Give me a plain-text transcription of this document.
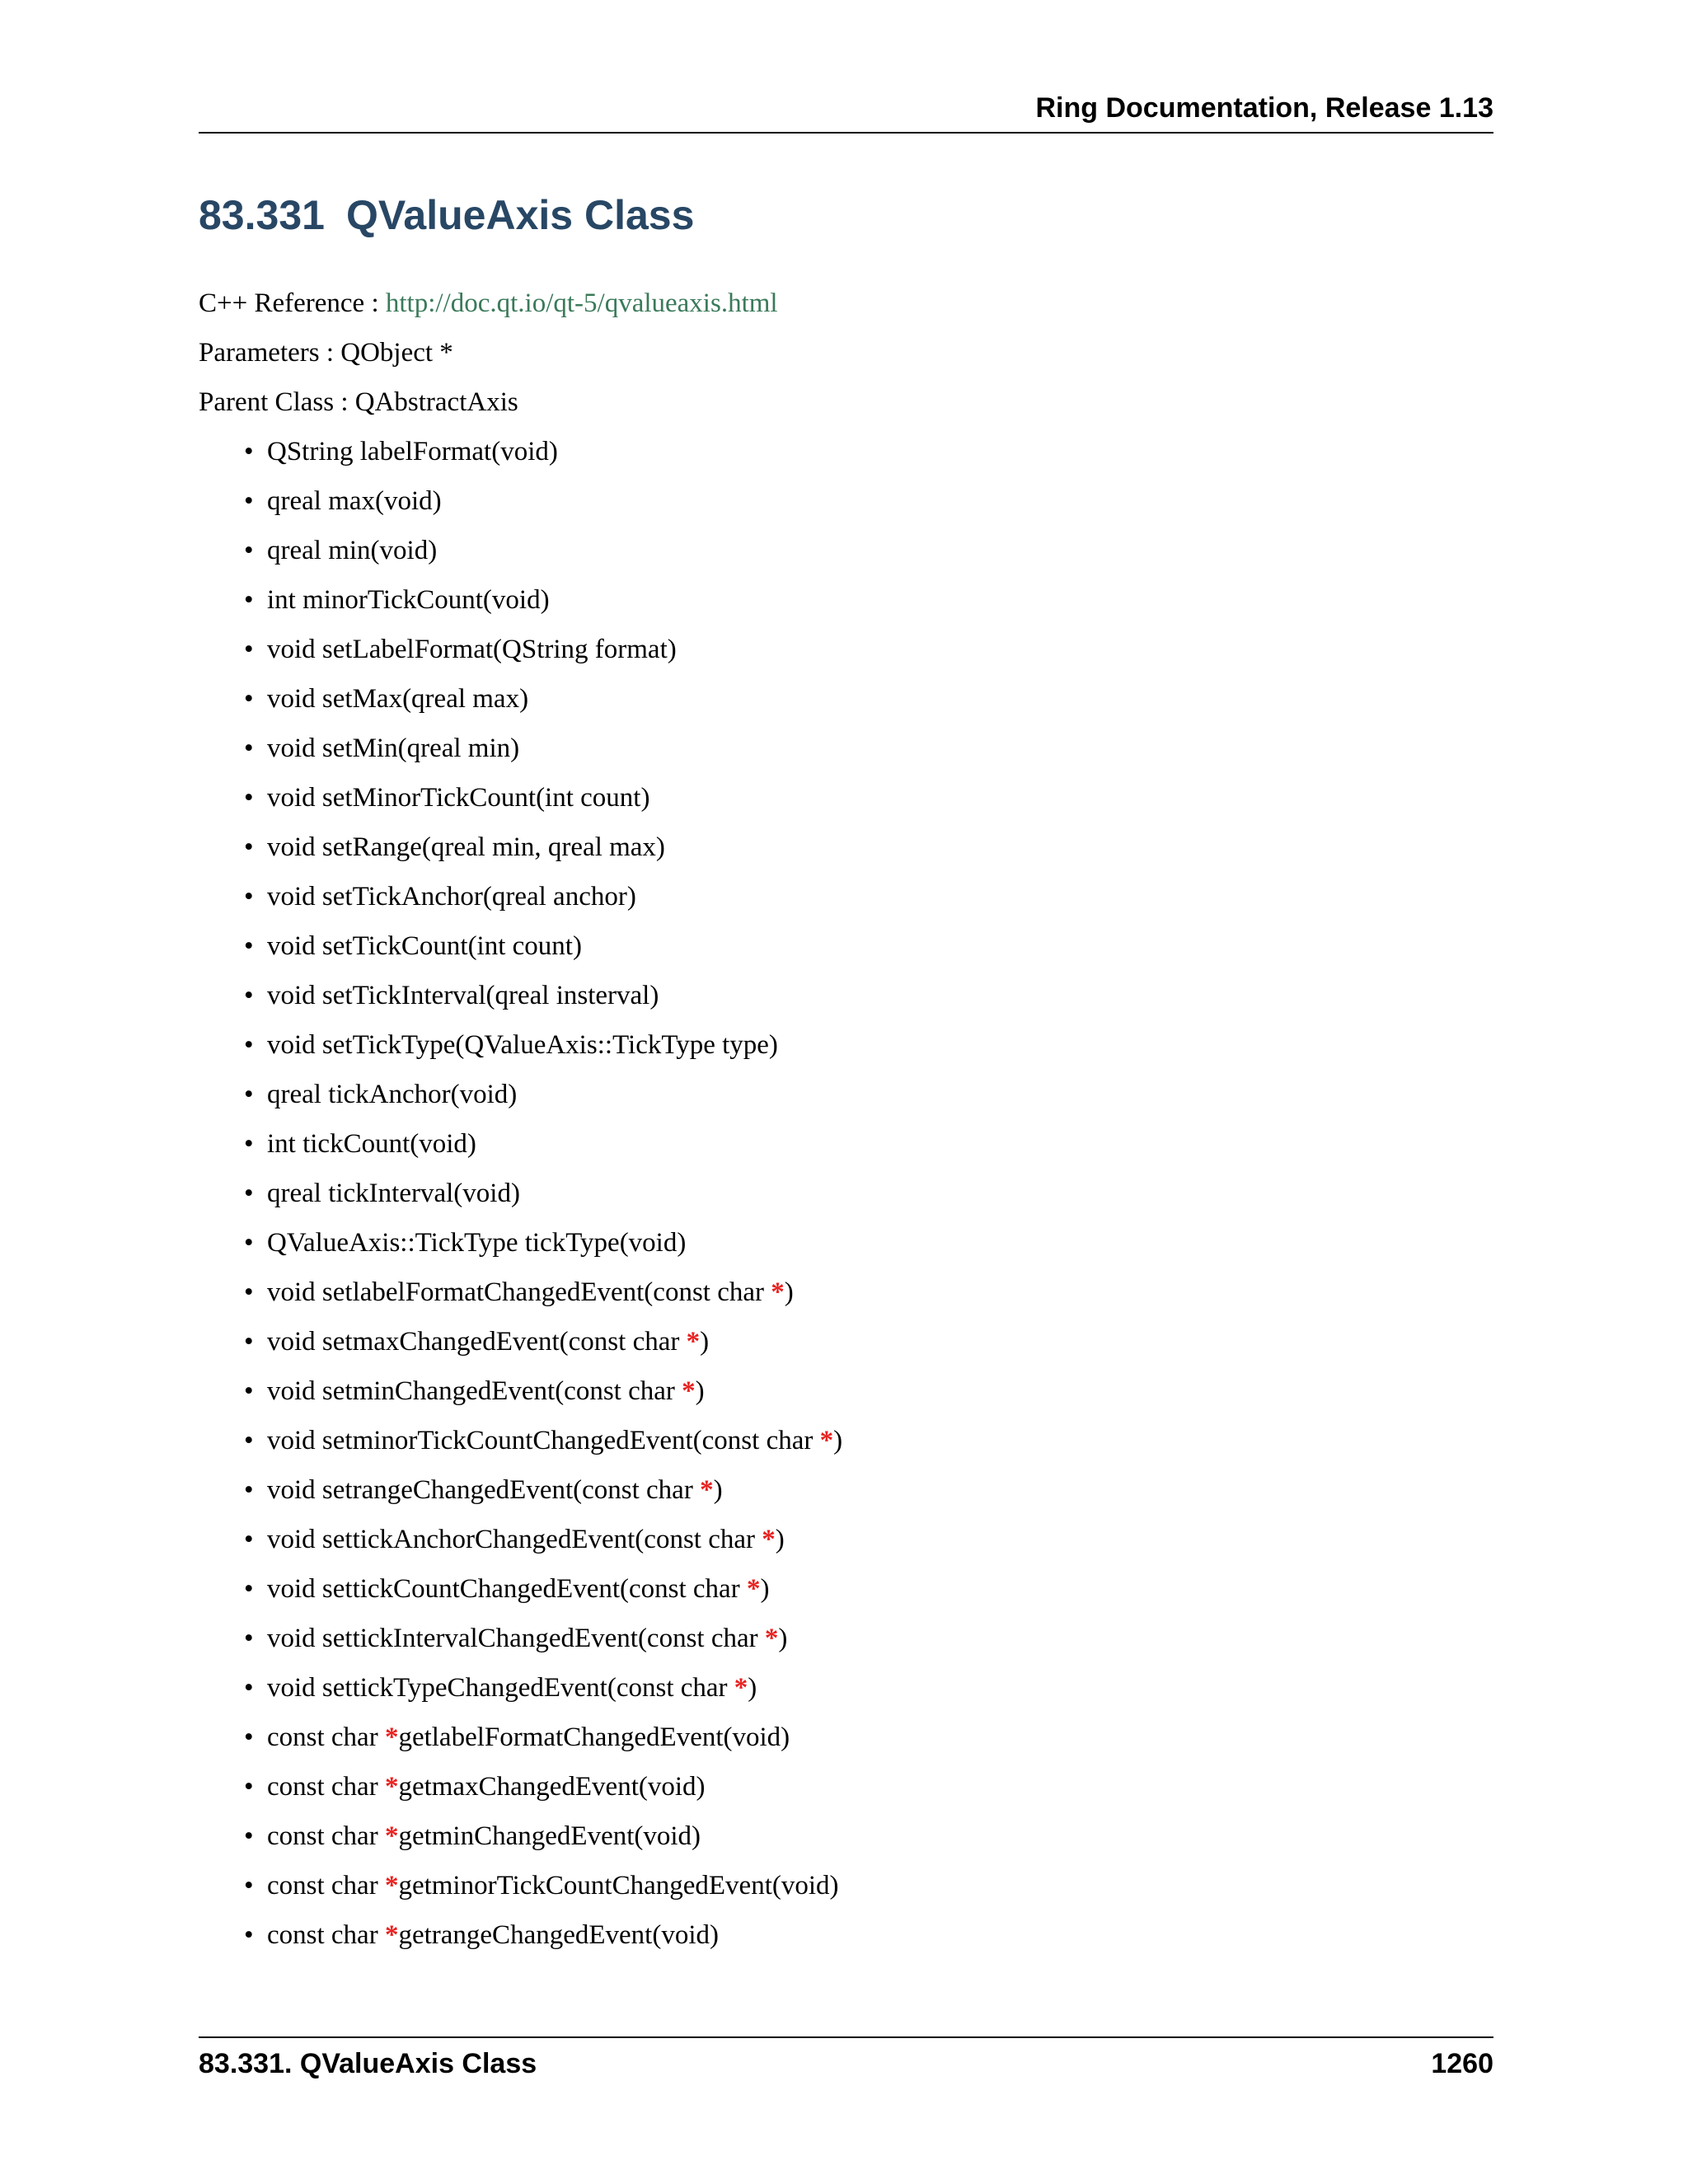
Ring Documentation, Release 1.13
83.331 QValueAxis Class
C++ Reference : http://doc.qt.io/qt-5/qvalueaxis.html
Parameters : QObject *
Parent Class : QAbstractAxis
• QString labelFormat(void)
• qreal max(void)
• qreal min(void)
• int minorTickCount(void)
• void setLabelFormat(QString format)
• void setMax(qreal max)
• void setMin(qreal min)
• void setMinorTickCount(int count)
• void setRange(qreal min, qreal max)
• void setTickAnchor(qreal anchor)
• void setTickCount(int count)
• void setTickInterval(qreal insterval)
• void setTickType(QValueAxis::TickType type)
• qreal tickAnchor(void)
• int tickCount(void)
• qreal tickInterval(void)
• QValueAxis::TickType tickType(void)
• void setlabelFormatChangedEvent(const char *)
• void setmaxChangedEvent(const char *)
• void setminChangedEvent(const char *)
• void setminorTickCountChangedEvent(const char *)
• void setrangeChangedEvent(const char *)
• void settickAnchorChangedEvent(const char *)
• void settickCountChangedEvent(const char *)
• void settickIntervalChangedEvent(const char *)
• void settickTypeChangedEvent(const char *)
• const char *getlabelFormatChangedEvent(void)
• const char *getmaxChangedEvent(void)
• const char *getminChangedEvent(void)
• const char *getminorTickCountChangedEvent(void)
• const char *getrangeChangedEvent(void)
83.331. QValueAxis Class	1260
